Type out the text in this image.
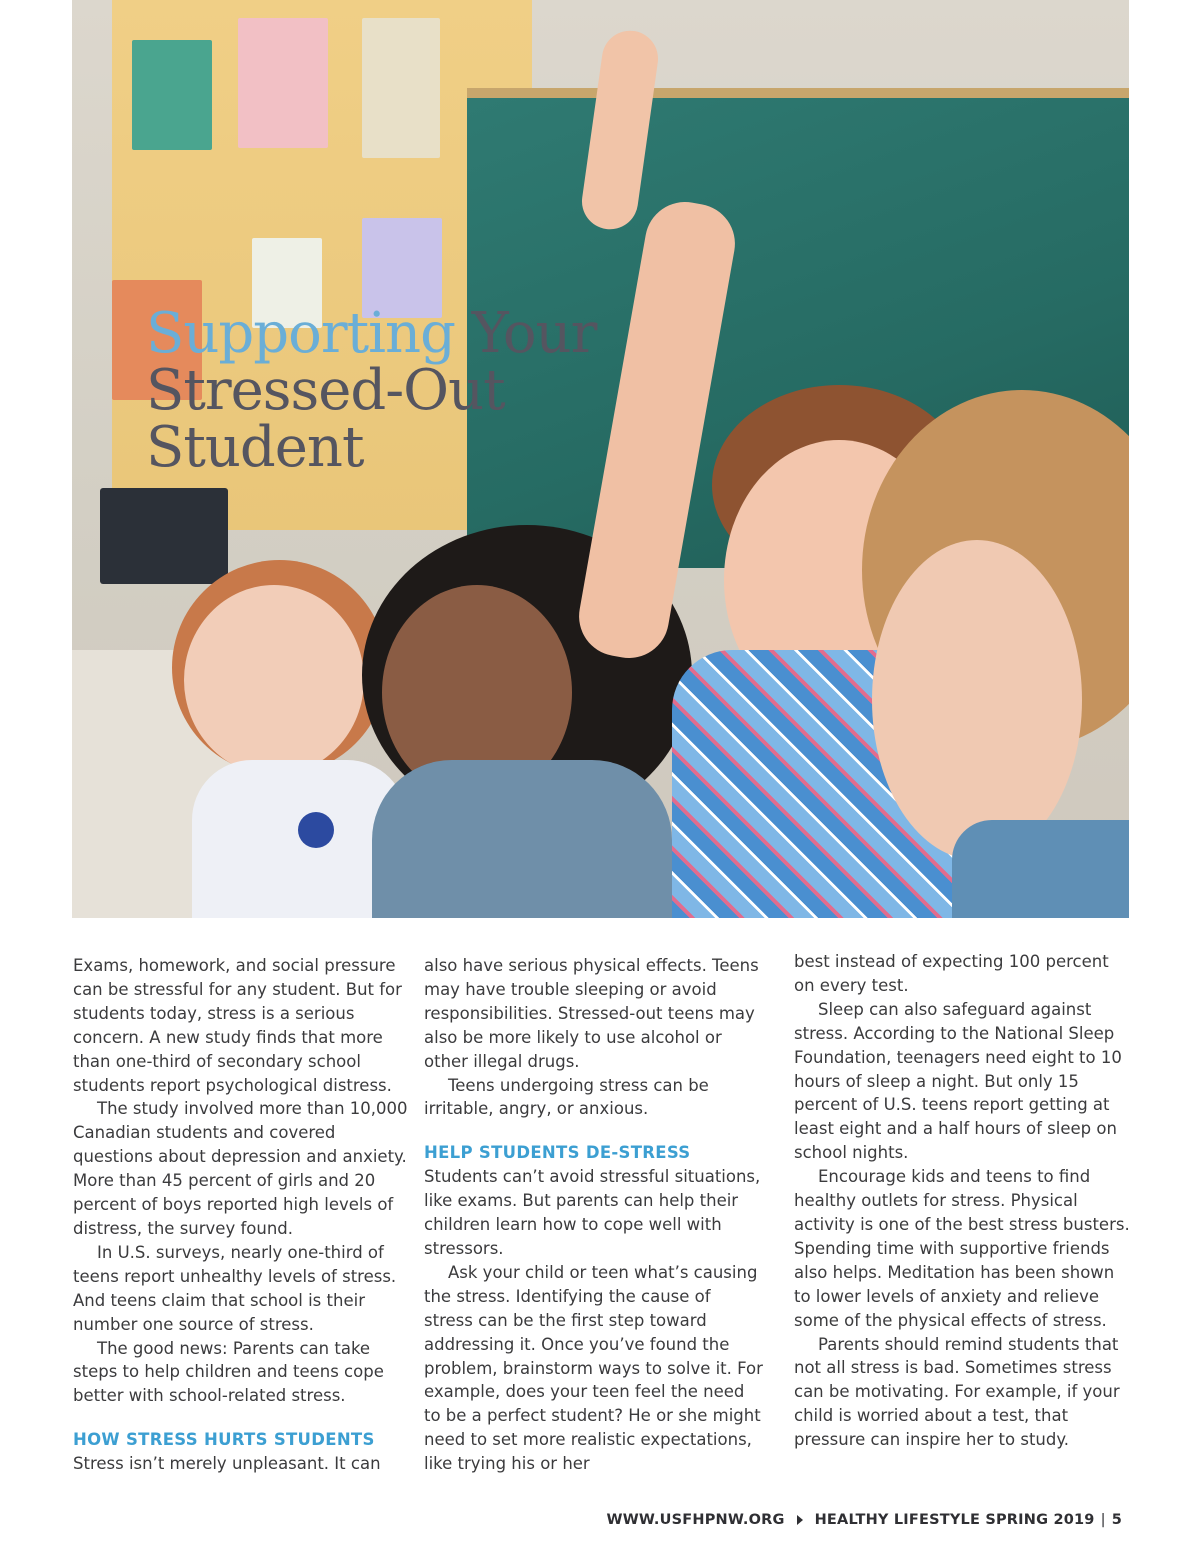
Supporting Your
Stressed-Out
Student

Exams, homework, and social pressure can be stressful for any student. But for students today, stress is a serious concern. A new study finds that more than one-third of secondary school students report psychological distress.

The study involved more than 10,000 Canadian students and covered questions about depression and anxiety. More than 45 percent of girls and 20 percent of boys reported high levels of distress, the survey found.

In U.S. surveys, nearly one-third of teens report unhealthy levels of stress. And teens claim that school is their number one source of stress.

The good news: Parents can take steps to help children and teens cope better with school-related stress.

HOW STRESS HURTS STUDENTS

Stress isn’t merely unpleasant. It can

also have serious physical effects. Teens may have trouble sleeping or avoid responsibilities. Stressed-out teens may also be more likely to use alcohol or other illegal drugs.

Teens undergoing stress can be irritable, angry, or anxious.

HELP STUDENTS DE-STRESS

Students can’t avoid stressful situations, like exams. But parents can help their children learn how to cope well with stressors.

Ask your child or teen what’s causing the stress. Identifying the cause of stress can be the first step toward addressing it. Once you’ve found the problem, brainstorm ways to solve it. For example, does your teen feel the need to be a perfect student? He or she might need to set more realistic expectations, like trying his or her

best instead of expecting 100 percent on every test.

Sleep can also safeguard against stress. According to the National Sleep Foundation, teenagers need eight to 10 hours of sleep a night. But only 15 percent of U.S. teens report getting at least eight and a half hours of sleep on school nights.

Encourage kids and teens to find healthy outlets for stress. Physical activity is one of the best stress busters. Spending time with supportive friends also helps. Meditation has been shown to lower levels of anxiety and relieve some of the physical effects of stress.

Parents should remind students that not all stress is bad. Sometimes stress can be motivating. For example, if your child is worried about a test, that pressure can inspire her to study.

WWW.USFHPNW.ORG HEALTHY LIFESTYLE SPRING 2019 | 5
